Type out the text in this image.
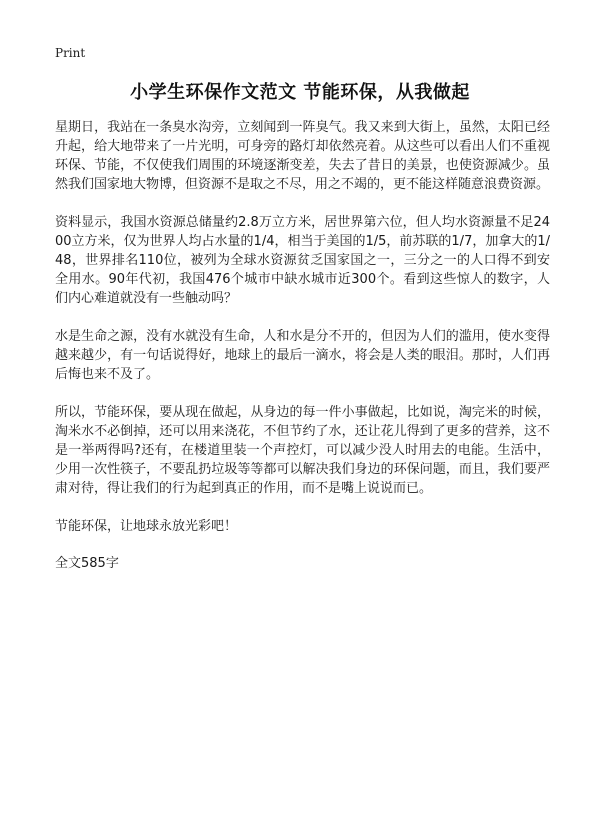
Print
小学生环保作文范文 节能环保，从我做起

星期日，我站在一条臭水沟旁，立刻闻到一阵臭气。我又来到大街上，虽然，太阳已经升起，给大地带来了一片光明，可身旁的路灯却依然亮着。从这些可以看出人们不重视环保、节能，不仅使我们周围的环境逐渐变差，失去了昔日的美景，也使资源减少。虽然我们国家地大物博，但资源不是取之不尽，用之不竭的，更不能这样随意浪费资源。

资料显示，我国水资源总储量约2.8万立方米，居世界第六位，但人均水资源量不足2400立方米，仅为世界人均占水量的1/4，相当于美国的1/5，前苏联的1/7，加拿大的1/48，世界排名110位，被列为全球水资源贫乏国家国之一，三分之一的人口得不到安全用水。90年代初，我国476个城市中缺水城市近300个。看到这些惊人的数字，人们内心难道就没有一些触动吗？

水是生命之源，没有水就没有生命，人和水是分不开的，但因为人们的滥用，使水变得越来越少，有一句话说得好，地球上的最后一滴水，将会是人类的眼泪。那时，人们再后悔也来不及了。

所以，节能环保，要从现在做起，从身边的每一件小事做起，比如说，淘完米的时候，淘米水不必倒掉，还可以用来浇花，不但节约了水，还让花儿得到了更多的营养，这不是一举两得吗?还有，在楼道里装一个声控灯，可以减少没人时用去的电能。生活中，少用一次性筷子，不要乱扔垃圾等等都可以解决我们身边的环保问题，而且，我们要严肃对待，得让我们的行为起到真正的作用，而不是嘴上说说而已。

节能环保，让地球永放光彩吧！

全文585字
